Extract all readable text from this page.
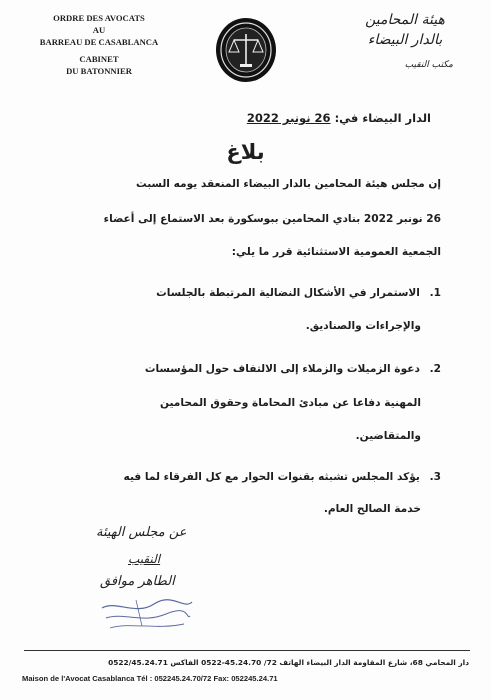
ORDRE DES AVOCATS
AU
BARREAU DE CASABLANCA
CABINET
DU BATONNIER
هيئة المحامين
بالدار البيضاء
مكتب النقيب
الدار البيضاء في: 26 نونبر 2022
بلاغ
إن مجلس هيئة المحامين بالدار البيضاء المنعقد يومه السبت
26 نونبر 2022 بنادي المحامين ببوسكورة بعد الاستماع إلى أعضاء
الجمعية العمومية الاستثنائية قرر ما يلي:
1. الاستمرار في الأشكال النضالية المرتبطة بالجلسات
والإجراءات والصناديق.
2. دعوة الزميلات والزملاء إلى الالتفاف حول المؤسسات
المهنية دفاعا عن مبادئ المحاماة وحقوق المحامين
والمتقاضين.
3. يؤكد المجلس تشبثه بقنوات الحوار مع كل الفرقاء لما فيه
خدمة الصالح العام.
عن مجلس الهيئة
النقيب
الطاهر موافق
دار المحامي 68، شارع المقاومة الدار البيضاء الهاتف 72/ 45.24.70-0522 الفاكس 0522/45.24.71
Maison de l'Avocat Casablanca Tél : 052245.24.70/72 Fax: 052245.24.71
